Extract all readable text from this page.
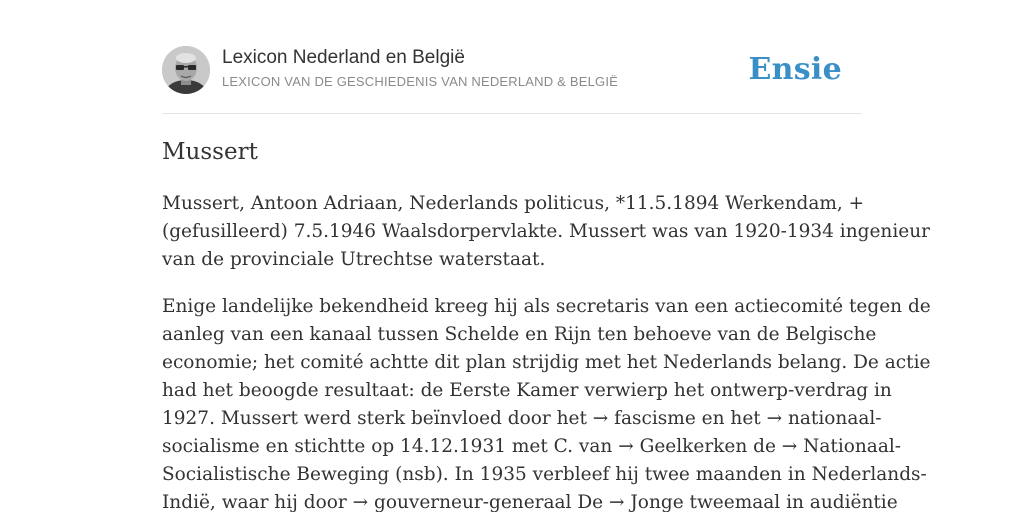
Lexicon Nederland en België
LEXICON VAN DE GESCHIEDENIS VAN NEDERLAND & BELGIË	Ensie
Mussert

Mussert, Antoon Adriaan, Nederlands politicus, *11.5.1894 Werkendam, +
(gefusilleerd) 7.5.1946 Waalsdorpervlakte. Mussert was van 1920-1934 ingenieur
van de provinciale Utrechtse waterstaat.

Enige landelijke bekendheid kreeg hij als secretaris van een actiecomité tegen de
aanleg van een kanaal tussen Schelde en Rijn ten behoeve van de Belgische
economie; het comité achtte dit plan strijdig met het Nederlands belang. De actie
had het beoogde resultaat: de Eerste Kamer verwierp het ontwerp-verdrag in
1927. Mussert werd sterk beïnvloed door het → fascisme en het → nationaal-
socialisme en stichtte op 14.12.1931 met C. van → Geelkerken de → Nationaal-
Socialistische Beweging (nsb). In 1935 verbleef hij twee maanden in Nederlands-
Indië, waar hij door → gouverneur-generaal De → Jonge tweemaal in audiëntie
